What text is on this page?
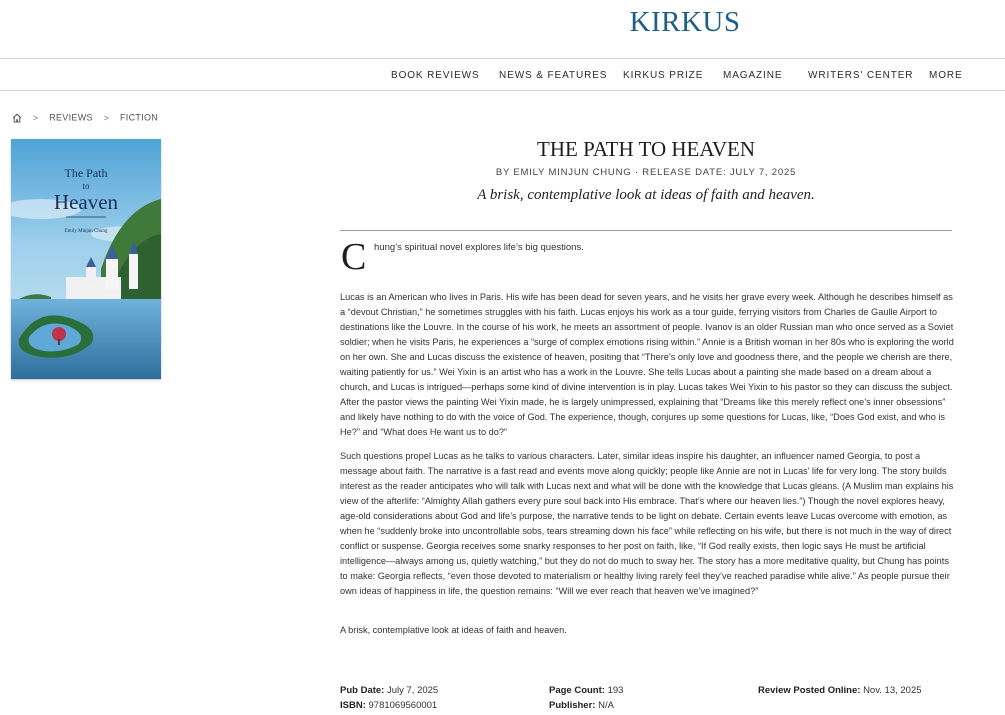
KIRKUS
BOOK REVIEWS NEWS & FEATURES KIRKUS PRIZE MAGAZINE	WRITERS' CENTER MORE
> REVIEWS > FICTION
The Path
to
Heaven
Emily Minjun Chung
THE PATH TO HEAVEN
BY EMILY MINJUN CHUNG · RELEASE DATE: JULY 7, 2025
A brisk, contemplative look at ideas of faith and heaven.
C hung’s spiritual novel explores life’s big questions.

Lucas is an American who lives in Paris. His wife has been dead for seven years, and he visits her grave every week. Although he describes himself as a “devout Christian,” he sometimes struggles with his faith. Lucas enjoys his work as a tour guide, ferrying visitors from Charles de Gaulle Airport to destinations like the Louvre. In the course of his work, he meets an assortment of people. Ivanov is an older Russian man who once served as a Soviet soldier; when he visits Paris, he experiences a “surge of complex emotions rising within.” Annie is a British woman in her 80s who is exploring the world on her own. She and Lucas discuss the existence of heaven, positing that “There’s only love and goodness there, and the people we cherish are there, waiting patiently for us.” Wei Yixin is an artist who has a work in the Louvre. She tells Lucas about a painting she made based on a dream about a church, and Lucas is intrigued—perhaps some kind of divine intervention is in play. Lucas takes Wei Yixin to his pastor so they can discuss the subject. After the pastor views the painting Wei Yixin made, he is largely unimpressed, explaining that “Dreams like this merely reflect one’s inner obsessions” and likely have nothing to do with the voice of God. The experience, though, conjures up some questions for Lucas, like, “Does God exist, and who is He?” and “What does He want us to do?”

Such questions propel Lucas as he talks to various characters. Later, similar ideas inspire his daughter, an influencer named Georgia, to post a message about faith. The narrative is a fast read and events move along quickly; people like Annie are not in Lucas’ life for very long. The story builds interest as the reader anticipates who will talk with Lucas next and what will be done with the knowledge that Lucas gleans. (A Muslim man explains his view of the afterlife: “Almighty Allah gathers every pure soul back into His embrace. That’s where our heaven lies.”) Though the novel explores heavy, age-old considerations about God and life’s purpose, the narrative tends to be light on debate. Certain events leave Lucas overcome with emotion, as when he “suddenly broke into uncontrollable sobs, tears streaming down his face” while reflecting on his wife, but there is not much in the way of direct conflict or suspense. Georgia receives some snarky responses to her post on faith, like, “If God really exists, then logic says He must be artificial intelligence—always among us, quietly watching,” but they do not do much to sway her. The story has a more meditative quality, but Chung has points to make: Georgia reflects, “even those devoted to materialism or healthy living rarely feel they’ve reached paradise while alive.” As people pursue their own ideas of happiness in life, the question remains: “Will we ever reach that heaven we’ve imagined?”

A brisk, contemplative look at ideas of faith and heaven.

Pub Date: July 7, 2025
ISBN: 9781069560001
Page Count: 193
Publisher: N/A
Review Posted Online: Nov. 13, 2025
